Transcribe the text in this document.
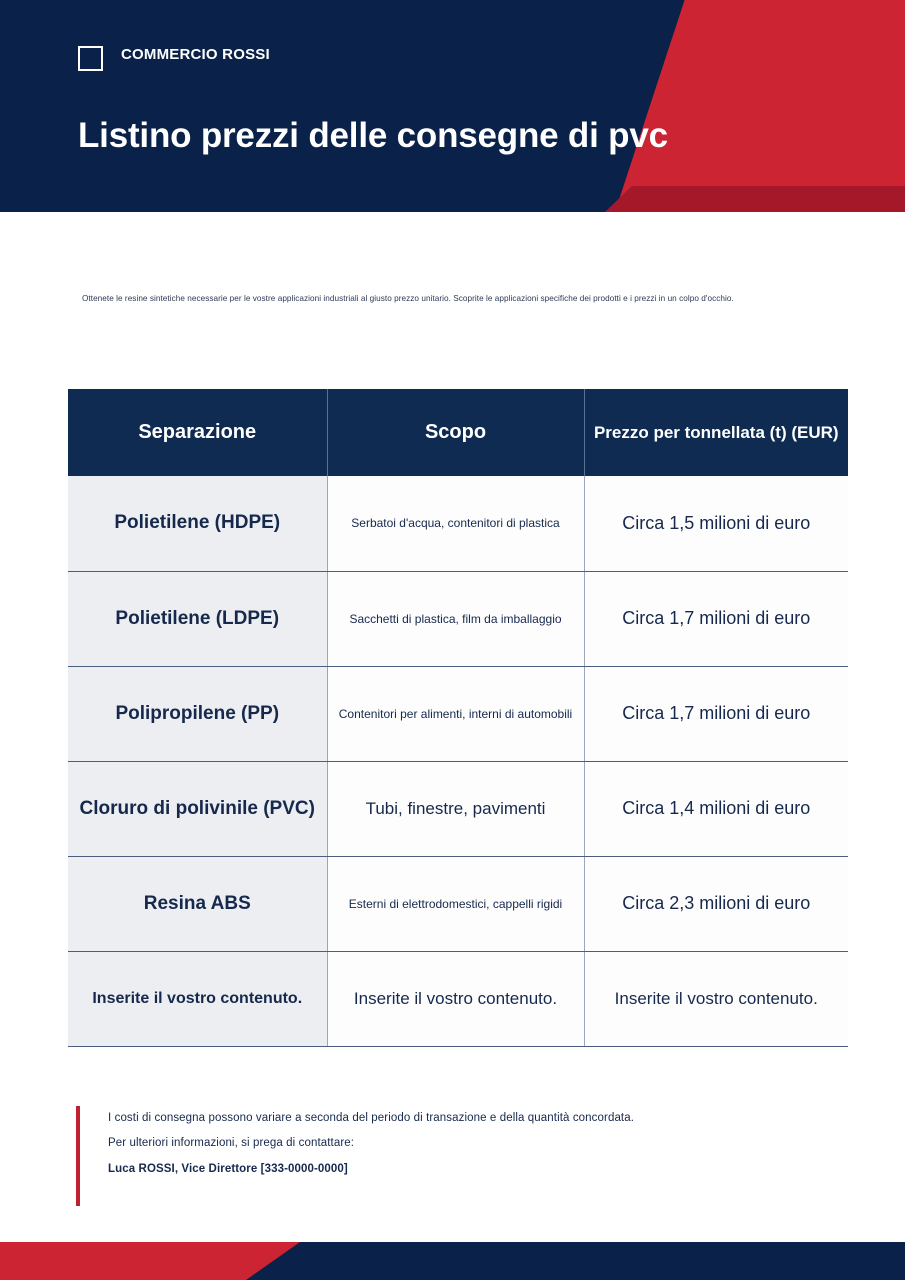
COMMERCIO ROSSI
Listino prezzi delle consegne di pvc
Ottenete le resine sintetiche necessarie per le vostre applicazioni industriali al giusto prezzo unitario. Scoprite le applicazioni specifiche dei prodotti e i prezzi in un colpo d'occhio.
Separazione	Scopo	Prezzo per tonnellata (t) (EUR)

Polietilene (HDPE)	Serbatoi d'acqua, contenitori di plastica	Circa 1,5 milioni di euro

Polietilene (LDPE)	Sacchetti di plastica, film da imballaggio	Circa 1,7 milioni di euro

Polipropilene (PP)	Contenitori per alimenti, interni di automobili	Circa 1,7 milioni di euro

Cloruro di polivinile (PVC)	Tubi, finestre, pavimenti	Circa 1,4 milioni di euro

Resina ABS	Esterni di elettrodomestici, cappelli rigidi	Circa 2,3 milioni di euro

Inserite il vostro contenuto.	Inserite il vostro contenuto.	Inserite il vostro contenuto.
I costi di consegna possono variare a seconda del periodo di transazione e della quantità concordata.
Per ulteriori informazioni, si prega di contattare:
Luca ROSSI, Vice Direttore [333-0000-0000]
